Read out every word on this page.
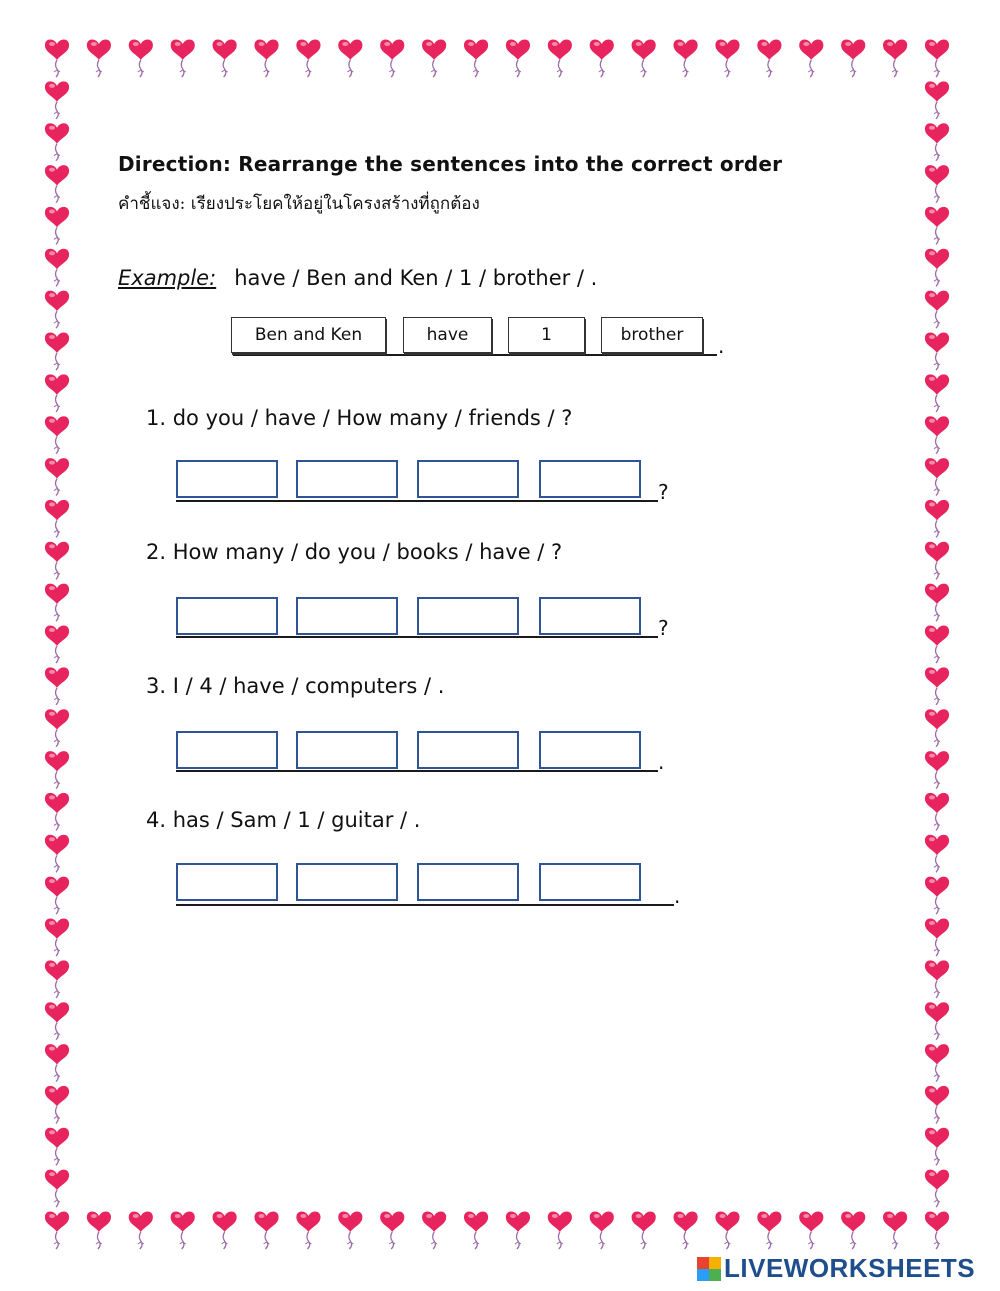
Direction: Rearrange the sentences into the correct order
คำชี้แจง: เรียงประโยคให้อยู่ในโครงสร้างที่ถูกต้อง
Example: have / Ben and Ken / 1 / brother / .
.
Ben and Ken	have	1	brother
1. do you / have / How many / friends / ?
?
2. How many / do you / books / have / ?
?
3. I / 4 / have / computers / .
.
4. has / Sam / 1 / guitar / .
.
LIVEWORKSHEETS
